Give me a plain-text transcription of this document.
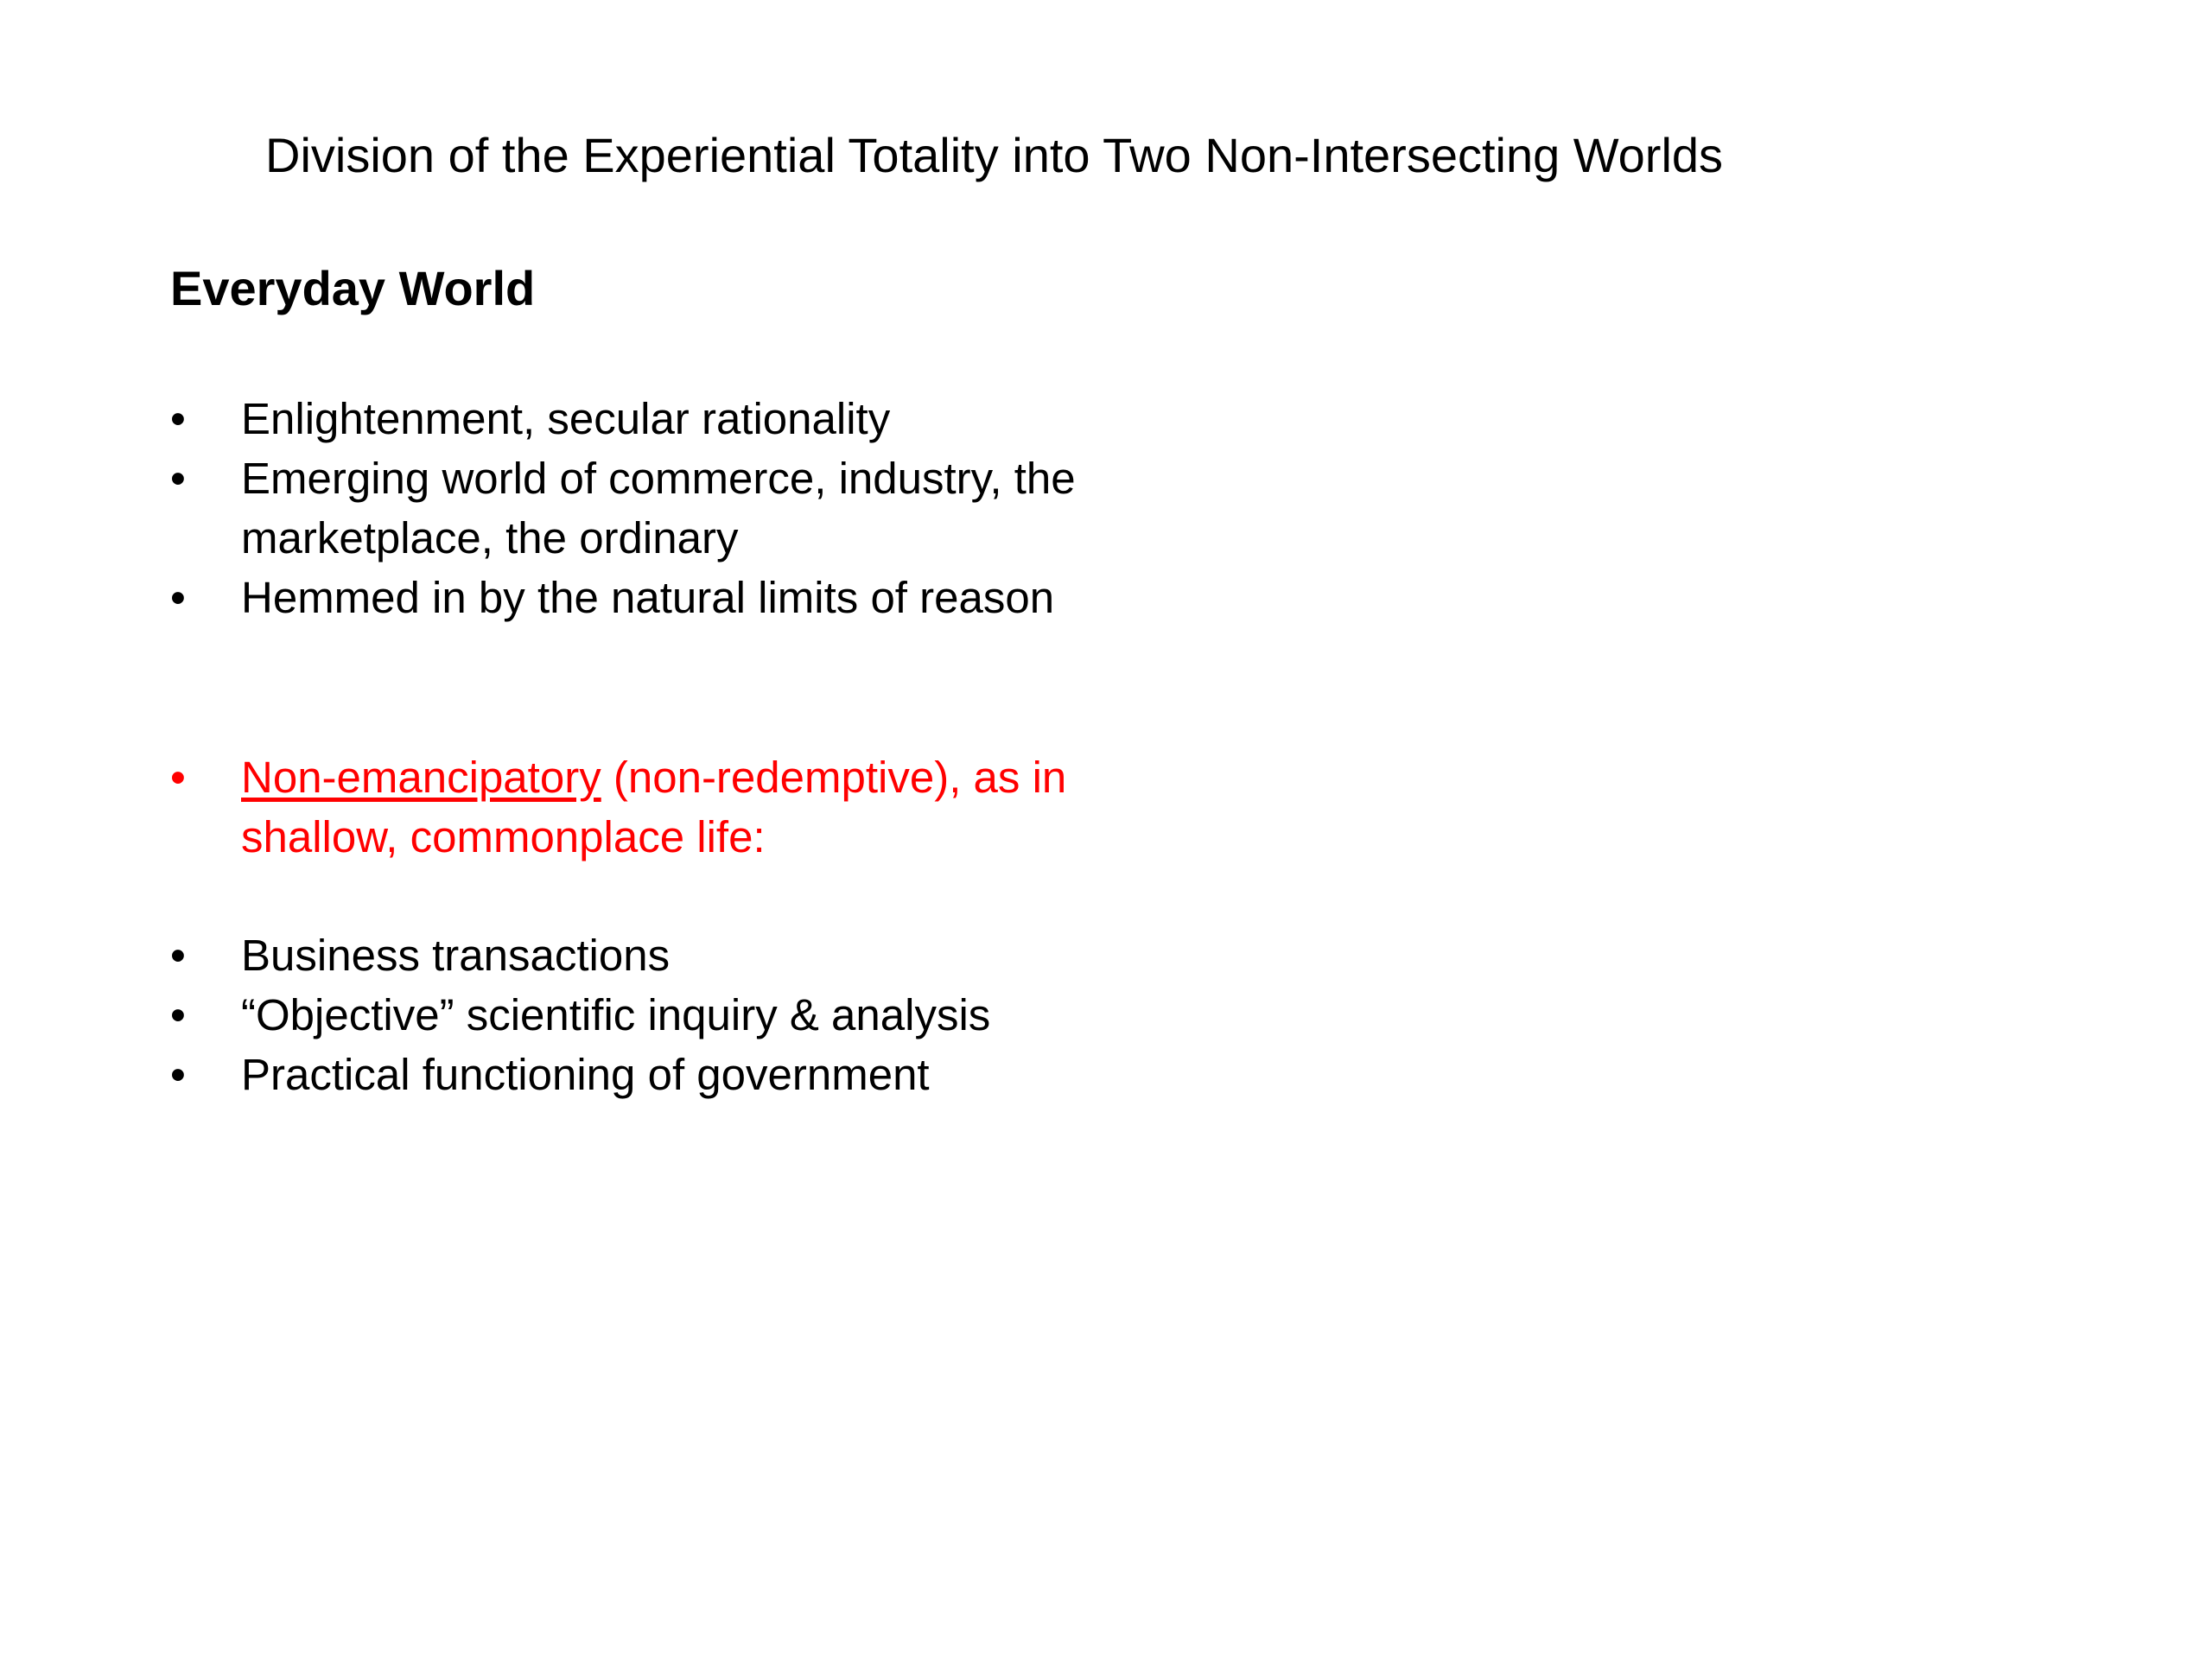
Division of the Experiential Totality into Two Non-Intersecting Worlds
Everyday World
• Enlightenment, secular rationality
• Emerging world of commerce, industry, the marketplace, the ordinary
• Hemmed in by the natural limits of reason
• Non-emancipatory (non-redemptive), as in shallow, commonplace life:
• Business transactions
• “Objective” scientific inquiry & analysis
• Practical functioning of government
